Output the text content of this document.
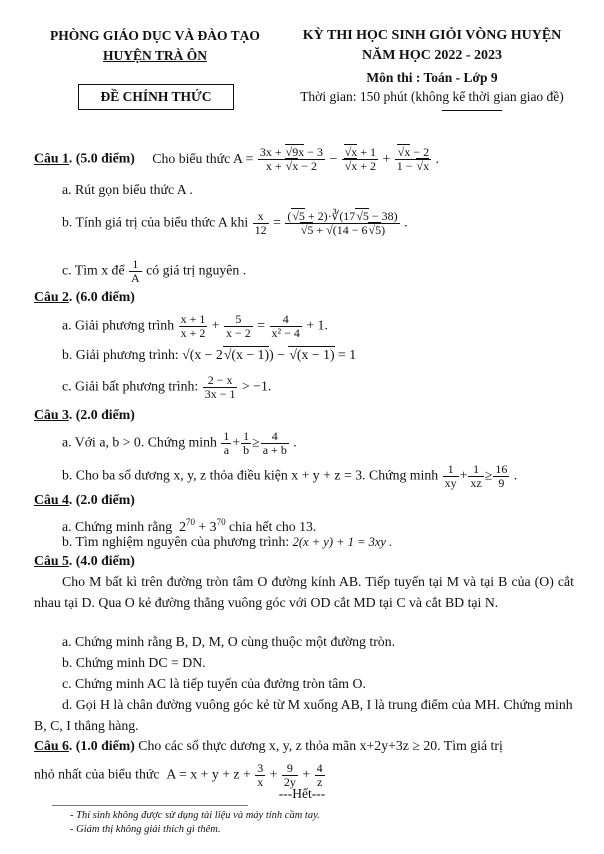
PHÒNG GIÁO DỤC VÀ ĐÀO TẠO
HUYỆN TRÀ ÔN
ĐỀ CHÍNH THỨC
KỲ THI HỌC SINH GIỎI VÒNG HUYỆN
NĂM HỌC 2022 - 2023
Môn thi : Toán - Lớp 9
Thời gian: 150 phút (không kể thời gian giao đề)
Câu 1. (5.0 điểm) Cho biểu thức $A = \frac{3x + √9x - 3}{x + √x - 2} - \frac{√x + 1}{√x + 2} + \frac{√x - 2}{1 - √x}$ .
a. Rút gọn biểu thức A .
b. Tính giá trị của biểu thức A khi $\frac{x}{12} = \frac{(√5 + 2)\cdot∛(17√5 - 38)}{√5 + √(14 - 6√5)}$ .
c. Tìm x để $\frac{1}{A}$ có giá trị nguyên .
Câu 2. (6.0 điểm)
a. Giải phương trình $\frac{x + 1}{x + 2} + \frac{5}{x - 2} = \frac{4}{\text{x² − 4}} + 1$.
b. Giải phương trình: √(x − 2√(x − 1)) − √(x − 1) = 1
c. Giải bất phương trình: $\frac{2 - x}{3x - 1} > -1$.
Câu 3. (2.0 điểm)
a. Với a, b > 0. Chứng minh $\frac{1}{a} + \frac{1}{b} \ge \frac{4}{a + b}$ .
b. Cho ba số dương x, y, z thỏa điều kiện x + y + z = 3. Chứng minh $\frac{1}{xy} + \frac{1}{xz} \ge \frac{16}{9}$ .
Câu 4. (2.0 điểm)
a. Chứng minh rằng  $2^{70} + 3^{70}$ chia hết cho 13.
b. Tìm nghiệm nguyên của phương trình: 2(x + y) + 1 = 3xy .
Câu 5. (4.0 điểm)
Cho M bất kì trên đường tròn tâm O đường kính AB. Tiếp tuyến tại M và tại B của (O) cắt nhau tại D. Qua O kẻ đường thẳng vuông góc với OD cắt MD tại C và cắt BD tại N.
a. Chứng minh rằng B, D, M, O cùng thuộc một đường tròn.
b. Chứng minh DC = DN.
c. Chứng minh AC là tiếp tuyến của đường tròn tâm O.
d. Gọi H là chân đường vuông góc kẻ từ M xuống AB, I là trung điểm của MH. Chứng minh B, C, I thẳng hàng.
Câu 6. (1.0 điểm) Cho các số thực dương x, y, z thỏa mãn x+2y+3z ≥ 20. Tìm giá trị
nhỏ nhất của biểu thức  $A = x + y + z + \frac{3}{x} + \frac{9}{2y} + \frac{4}{z}$
---Hết---
- Thí sinh không được sử dụng tài liệu và máy tính cầm tay.
- Giám thị không giải thích gì thêm.
